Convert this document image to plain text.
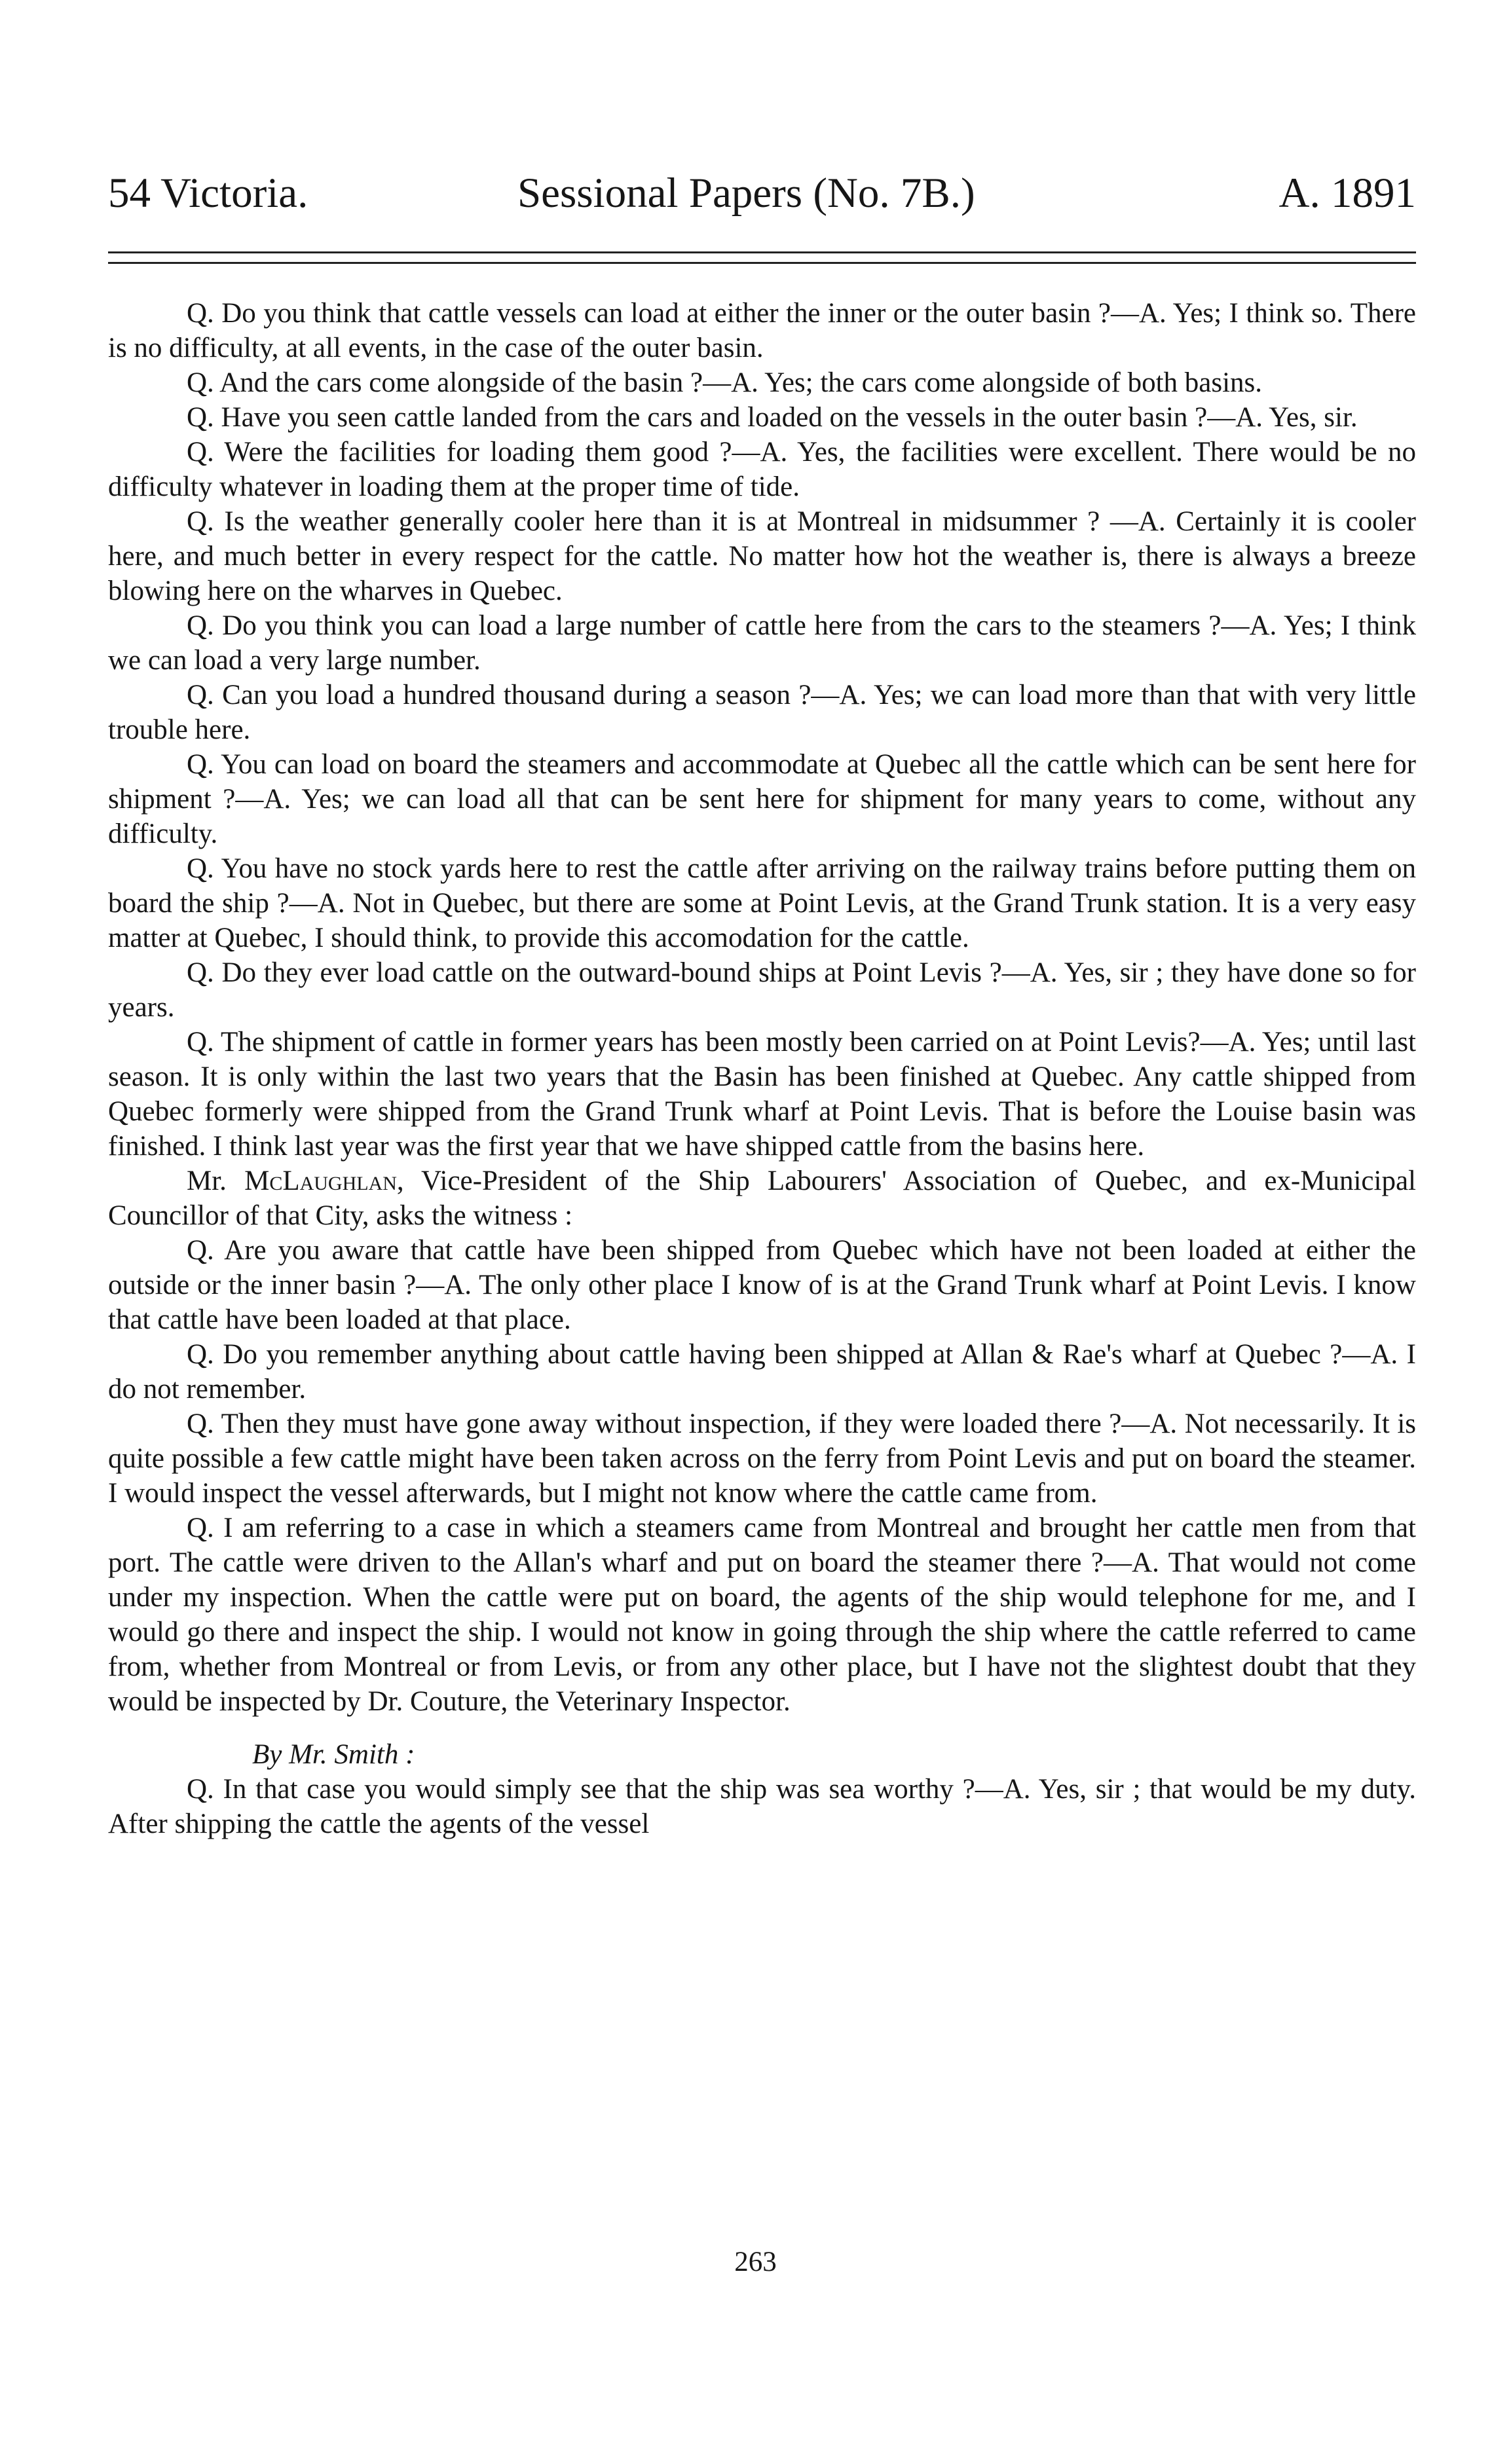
54 Victoria.	Sessional Papers (No. 7B.)	A. 1891

Q. Do you think that cattle vessels can load at either the inner or the outer basin ?—A. Yes; I think so. There is no difficulty, at all events, in the case of the outer basin.

Q. And the cars come alongside of the basin ?—A. Yes; the cars come alongside of both basins.

Q. Have you seen cattle landed from the cars and loaded on the vessels in the outer basin ?—A. Yes, sir.

Q. Were the facilities for loading them good ?—A. Yes, the facilities were excellent. There would be no difficulty whatever in loading them at the proper time of tide.

Q. Is the weather generally cooler here than it is at Montreal in midsummer ? —A. Certainly it is cooler here, and much better in every respect for the cattle. No matter how hot the weather is, there is always a breeze blowing here on the wharves in Quebec.

Q. Do you think you can load a large number of cattle here from the cars to the steamers ?—A. Yes; I think we can load a very large number.

Q. Can you load a hundred thousand during a season ?—A. Yes; we can load more than that with very little trouble here.

Q. You can load on board the steamers and accommodate at Quebec all the cattle which can be sent here for shipment ?—A. Yes; we can load all that can be sent here for shipment for many years to come, without any difficulty.

Q. You have no stock yards here to rest the cattle after arriving on the railway trains before putting them on board the ship ?—A. Not in Quebec, but there are some at Point Levis, at the Grand Trunk station. It is a very easy matter at Quebec, I should think, to provide this accomodation for the cattle.

Q. Do they ever load cattle on the outward-bound ships at Point Levis ?—A. Yes, sir ; they have done so for years.

Q. The shipment of cattle in former years has been mostly been carried on at Point Levis?—A. Yes; until last season. It is only within the last two years that the Basin has been finished at Quebec. Any cattle shipped from Quebec formerly were shipped from the Grand Trunk wharf at Point Levis. That is before the Louise basin was finished. I think last year was the first year that we have shipped cattle from the basins here.

Mr. McLaughlan, Vice-President of the Ship Labourers' Association of Quebec, and ex-Municipal Councillor of that City, asks the witness :

Q. Are you aware that cattle have been shipped from Quebec which have not been loaded at either the outside or the inner basin ?—A. The only other place I know of is at the Grand Trunk wharf at Point Levis. I know that cattle have been loaded at that place.

Q. Do you remember anything about cattle having been shipped at Allan & Rae's wharf at Quebec ?—A. I do not remember.

Q. Then they must have gone away without inspection, if they were loaded there ?—A. Not necessarily. It is quite possible a few cattle might have been taken across on the ferry from Point Levis and put on board the steamer. I would inspect the vessel afterwards, but I might not know where the cattle came from.

Q. I am referring to a case in which a steamers came from Montreal and brought her cattle men from that port. The cattle were driven to the Allan's wharf and put on board the steamer there ?—A. That would not come under my inspection. When the cattle were put on board, the agents of the ship would telephone for me, and I would go there and inspect the ship. I would not know in going through the ship where the cattle referred to came from, whether from Montreal or from Levis, or from any other place, but I have not the slightest doubt that they would be inspected by Dr. Couture, the Veterinary Inspector.

By Mr. Smith :

Q. In that case you would simply see that the ship was sea worthy ?—A. Yes, sir ; that would be my duty. After shipping the cattle the agents of the vessel

263
